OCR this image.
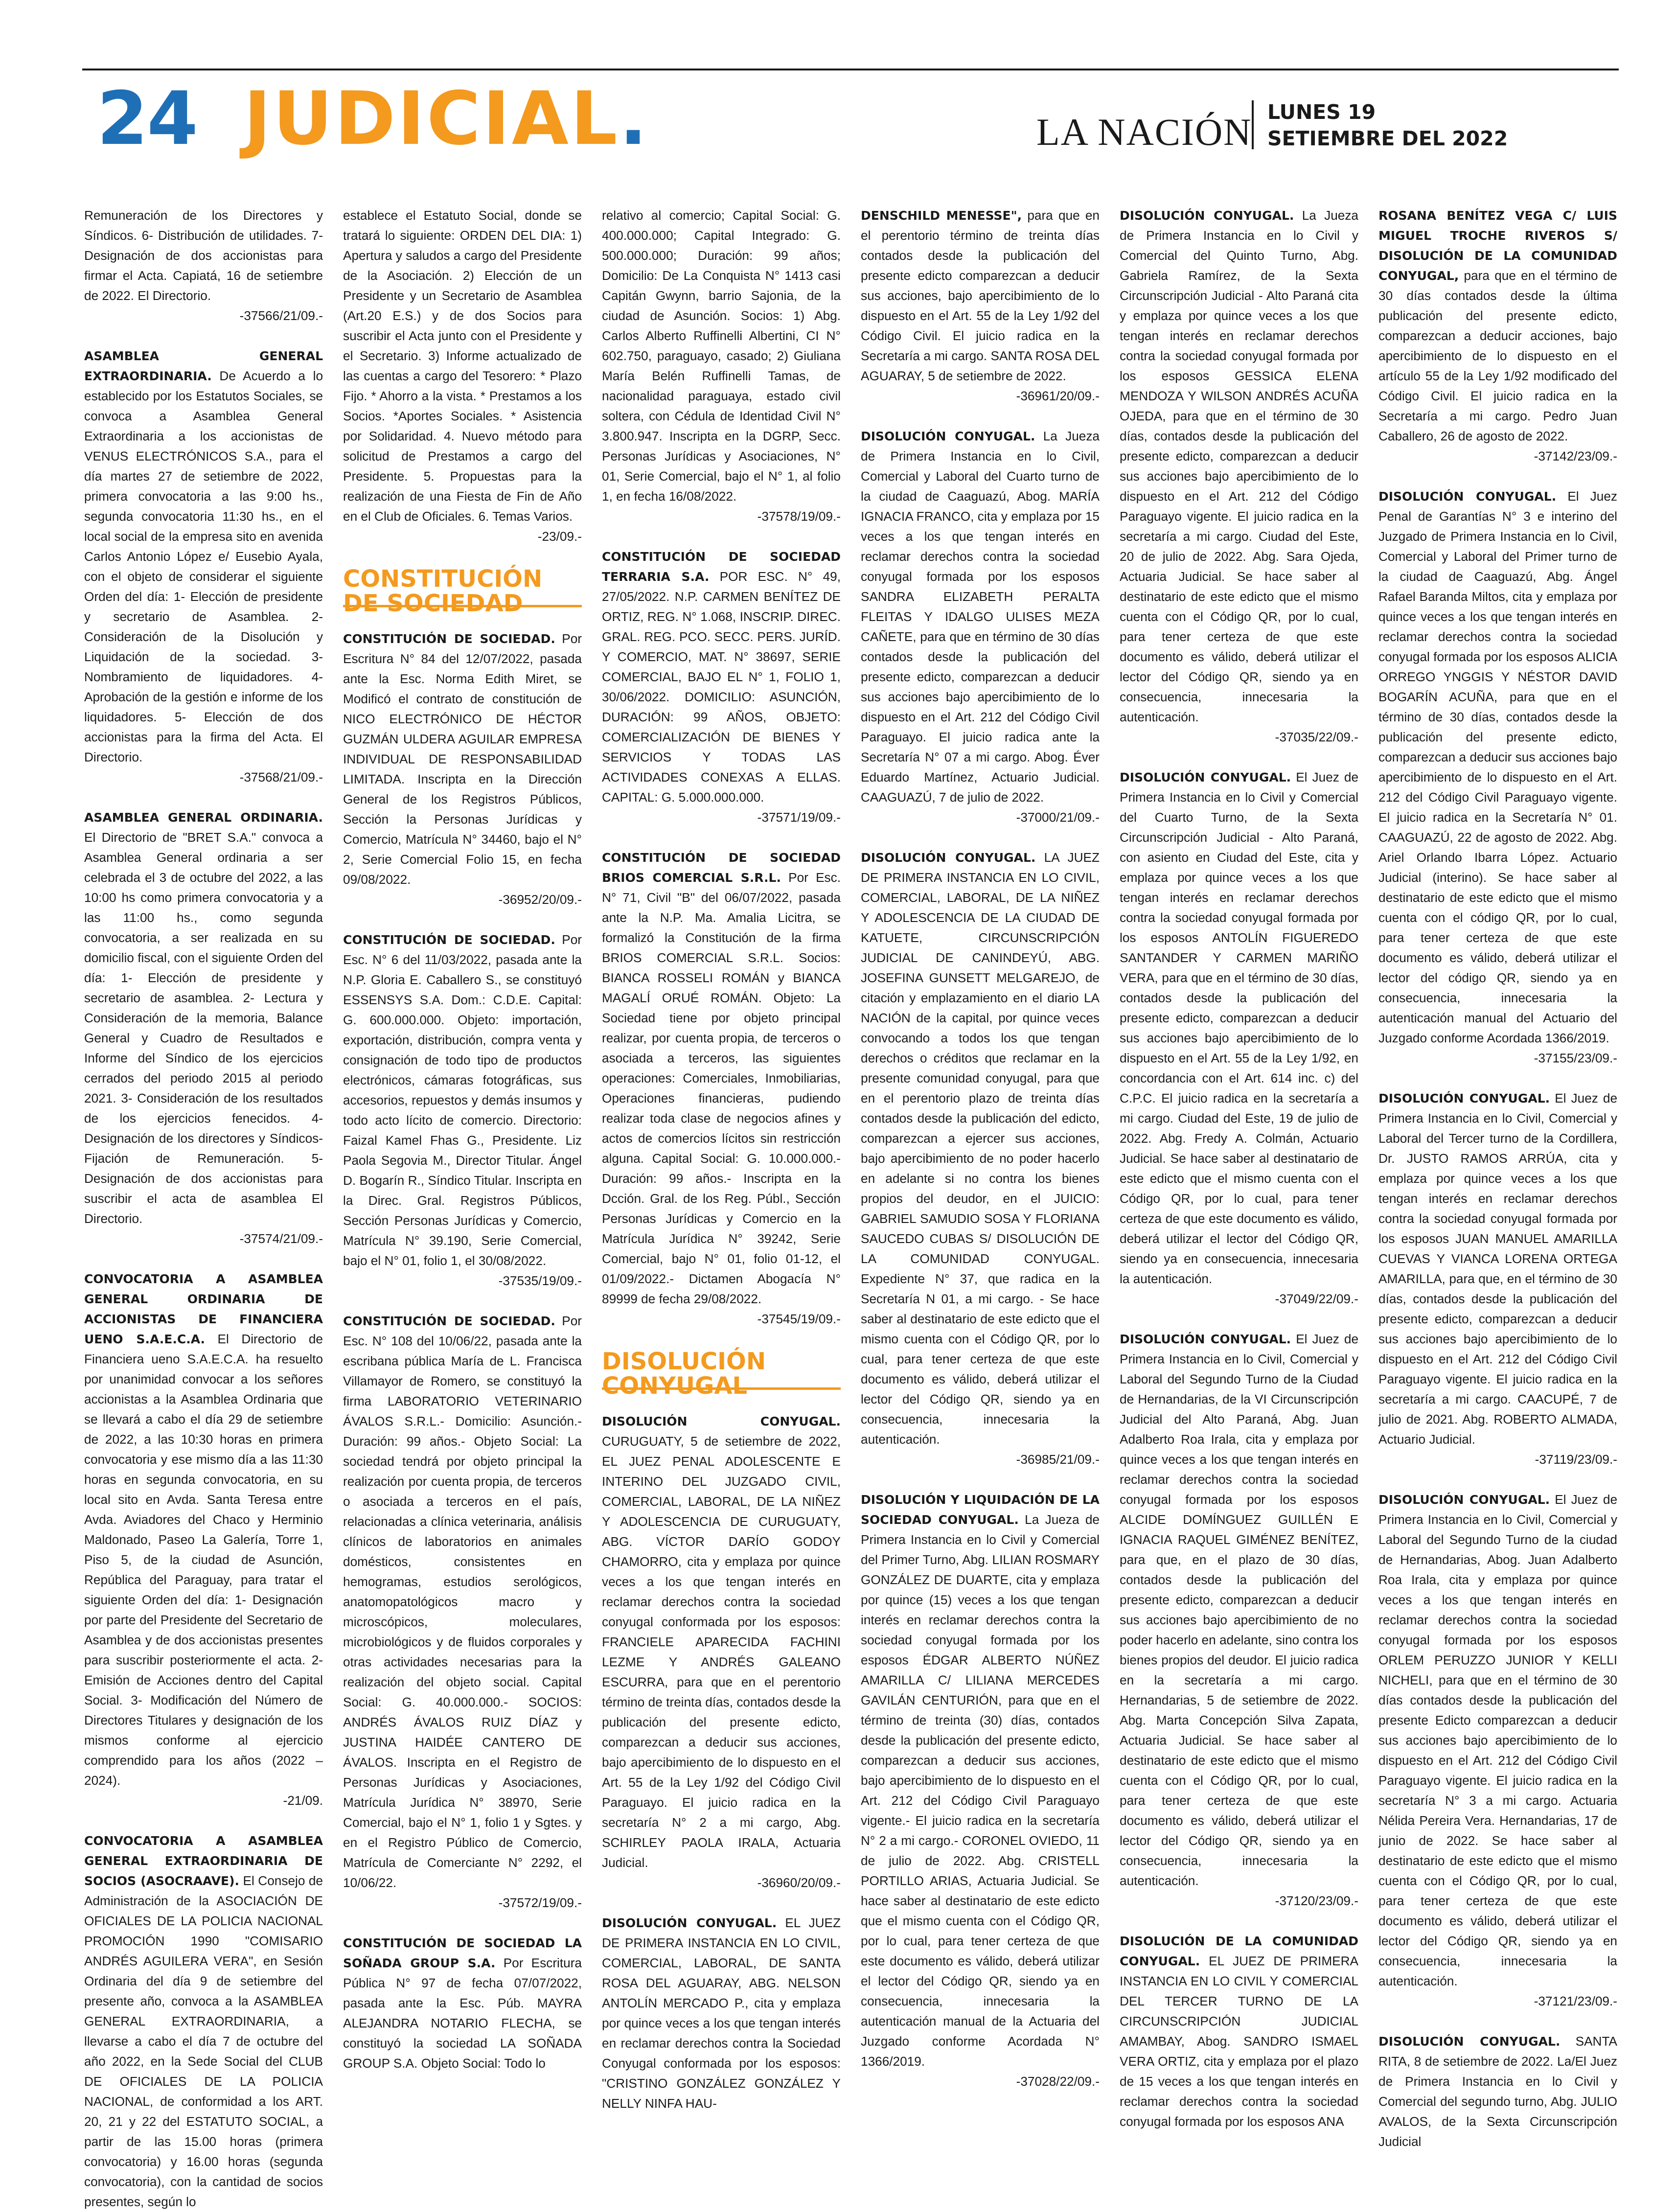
24 JUDICIAL.	LA NACIÓN LUNES 19
SETIEMBRE DEL 2022
Remuneración de los Directores y Síndicos. 6- Distribución de utilidades. 7- Designación de dos accionistas para firmar el Acta. Capiatá, 16 de setiembre de 2022. El Directorio.
-37566/21/09.-
ASAMBLEA GENERAL EXTRAORDINARIA. De Acuerdo a lo establecido por los Estatutos Sociales, se convoca a Asamblea General Extraordinaria a los accionistas de VENUS ELECTRÓNICOS S.A., para el día martes 27 de setiembre de 2022, primera convocatoria a las 9:00 hs., segunda convocatoria 11:30 hs., en el local social de la empresa sito en avenida Carlos Antonio López e/ Eusebio Ayala, con el objeto de considerar el siguiente Orden del día: 1- Elección de presidente y secretario de Asamblea. 2- Consideración de la Disolución y Liquidación de la sociedad. 3- Nombramiento de liquidadores. 4- Aprobación de la gestión e informe de los liquidadores. 5- Elección de dos accionistas para la firma del Acta. El Directorio.
-37568/21/09.-
ASAMBLEA GENERAL ORDINARIA. El Directorio de "BRET S.A." convoca a Asamblea General ordinaria a ser celebrada el 3 de octubre del 2022, a las 10:00 hs como primera convocatoria y a las 11:00 hs., como segunda convocatoria, a ser realizada en su domicilio fiscal, con el siguiente Orden del día: 1- Elección de presidente y secretario de asamblea. 2- Lectura y Consideración de la memoria, Balance General y Cuadro de Resultados e Informe del Síndico de los ejercicios cerrados del periodo 2015 al periodo 2021. 3- Consideración de los resultados de los ejercicios fenecidos. 4- Designación de los directores y Síndicos-Fijación de Remuneración. 5- Designación de dos accionistas para suscribir el acta de asamblea El Directorio.
-37574/21/09.-
CONVOCATORIA A ASAMBLEA GENERAL ORDINARIA DE ACCIONISTAS DE FINANCIERA UENO S.A.E.C.A. El Directorio de Financiera ueno S.A.E.C.A. ha resuelto por unanimidad convocar a los señores accionistas a la Asamblea Ordinaria que se llevará a cabo el día 29 de setiembre de 2022, a las 10:30 horas en primera convocatoria y ese mismo día a las 11:30 horas en segunda convocatoria, en su local sito en Avda. Santa Teresa entre Avda. Aviadores del Chaco y Herminio Maldonado, Paseo La Galería, Torre 1, Piso 5, de la ciudad de Asunción, República del Paraguay, para tratar el siguiente Orden del día: 1- Designación por parte del Presidente del Secretario de Asamblea y de dos accionistas presentes para suscribir posteriormente el acta. 2- Emisión de Acciones dentro del Capital Social. 3- Modificación del Número de Directores Titulares y designación de los mismos conforme al ejercicio comprendido para los años (2022 – 2024).
-21/09.
CONVOCATORIA A ASAMBLEA GENERAL EXTRAORDINARIA DE SOCIOS (ASOCRAAVE). El Consejo de Administración de la ASOCIACIÓN DE OFICIALES DE LA POLICIA NACIONAL PROMOCIÓN 1990 "COMISARIO ANDRÉS AGUILERA VERA", en Sesión Ordinaria del día 9 de setiembre del presente año, convoca a la ASAMBLEA GENERAL EXTRAORDINARIA, a llevarse a cabo el día 7 de octubre del año 2022, en la Sede Social del CLUB DE OFICIALES DE LA POLICIA NACIONAL, de conformidad a los ART. 20, 21 y 22 del ESTATUTO SOCIAL, a partir de las 15.00 horas (primera convocatoria) y 16.00 horas (segunda convocatoria), con la cantidad de socios presentes, según lo
establece el Estatuto Social, donde se tratará lo siguiente: ORDEN DEL DIA: 1) Apertura y saludos a cargo del Presidente de la Asociación. 2) Elección de un Presidente y un Secretario de Asamblea (Art.20 E.S.) y de dos Socios para suscribir el Acta junto con el Presidente y el Secretario. 3) Informe actualizado de las cuentas a cargo del Tesorero: * Plazo Fijo. * Ahorro a la vista. * Prestamos a los Socios. *Aportes Sociales. * Asistencia por Solidaridad. 4. Nuevo método para solicitud de Prestamos a cargo del Presidente. 5. Propuestas para la realización de una Fiesta de Fin de Año en el Club de Oficiales. 6. Temas Varios.
-23/09.-
CONSTITUCIÓN
DE SOCIEDAD
CONSTITUCIÓN DE SOCIEDAD. Por Escritura N° 84 del 12/07/2022, pasada ante la Esc. Norma Edith Miret, se Modificó el contrato de constitución de NICO ELECTRÓNICO DE HÉCTOR GUZMÁN ULDERA AGUILAR EMPRESA INDIVIDUAL DE RESPONSABILIDAD LIMITADA. Inscripta en la Dirección General de los Registros Públicos, Sección la Personas Jurídicas y Comercio, Matrícula N° 34460, bajo el N° 2, Serie Comercial Folio 15, en fecha 09/08/2022.
-36952/20/09.-
CONSTITUCIÓN DE SOCIEDAD. Por Esc. N° 6 del 11/03/2022, pasada ante la N.P. Gloria E. Caballero S., se constituyó ESSENSYS S.A. Dom.: C.D.E. Capital: G. 600.000.000. Objeto: importación, exportación, distribución, compra venta y consignación de todo tipo de productos electrónicos, cámaras fotográficas, sus accesorios, repuestos y demás insumos y todo acto lícito de comercio. Directorio: Faizal Kamel Fhas G., Presidente. Liz Paola Segovia M., Director Titular. Ángel D. Bogarín R., Síndico Titular. Inscripta en la Direc. Gral. Registros Públicos, Sección Personas Jurídicas y Comercio, Matrícula N° 39.190, Serie Comercial, bajo el N° 01, folio 1, el 30/08/2022.
-37535/19/09.-
CONSTITUCIÓN DE SOCIEDAD. Por Esc. N° 108 del 10/06/22, pasada ante la escribana pública María de L. Francisca Villamayor de Romero, se constituyó la firma LABORATORIO VETERINARIO ÁVALOS S.R.L.- Domicilio: Asunción.- Duración: 99 años.- Objeto Social: La sociedad tendrá por objeto principal la realización por cuenta propia, de terceros o asociada a terceros en el país, relacionadas a clínica veterinaria, análisis clínicos de laboratorios en animales domésticos, consistentes en hemogramas, estudios serológicos, anatomopatológicos macro y microscópicos, moleculares, microbiológicos y de fluidos corporales y otras actividades necesarias para la realización del objeto social. Capital Social: G. 40.000.000.- SOCIOS: ANDRÉS ÁVALOS RUIZ DÍAZ y JUSTINA HAIDÉE CANTERO DE ÁVALOS. Inscripta en el Registro de Personas Jurídicas y Asociaciones, Matrícula Jurídica N° 38970, Serie Comercial, bajo el N° 1, folio 1 y Sgtes. y en el Registro Público de Comercio, Matrícula de Comerciante N° 2292, el 10/06/22.
-37572/19/09.-
CONSTITUCIÓN DE SOCIEDAD LA SOÑADA GROUP S.A. Por Escritura Pública N° 97 de fecha 07/07/2022, pasada ante la Esc. Púb. MAYRA ALEJANDRA NOTARIO FLECHA, se constituyó la sociedad LA SOÑADA GROUP S.A. Objeto Social: Todo lo
relativo al comercio; Capital Social: G. 400.000.000; Capital Integrado: G. 500.000.000; Duración: 99 años; Domicilio: De La Conquista N° 1413 casi Capitán Gwynn, barrio Sajonia, de la ciudad de Asunción. Socios: 1) Abg. Carlos Alberto Ruffinelli Albertini, CI N° 602.750, paraguayo, casado; 2) Giuliana María Belén Ruffinelli Tamas, de nacionalidad paraguaya, estado civil soltera, con Cédula de Identidad Civil N° 3.800.947. Inscripta en la DGRP, Secc. Personas Jurídicas y Asociaciones, N° 01, Serie Comercial, bajo el N° 1, al folio 1, en fecha 16/08/2022.
-37578/19/09.-
CONSTITUCIÓN DE SOCIEDAD TERRARIA S.A. POR ESC. N° 49, 27/05/2022. N.P. CARMEN BENÍTEZ DE ORTIZ, REG. N° 1.068, INSCRIP. DIREC. GRAL. REG. PCO. SECC. PERS. JURÍD. Y COMERCIO, MAT. N° 38697, SERIE COMERCIAL, BAJO EL N° 1, FOLIO 1, 30/06/2022. DOMICILIO: ASUNCIÓN, DURACIÓN: 99 AÑOS, OBJETO: COMERCIALIZACIÓN DE BIENES Y SERVICIOS Y TODAS LAS ACTIVIDADES CONEXAS A ELLAS. CAPITAL: G. 5.000.000.000.
-37571/19/09.-
CONSTITUCIÓN DE SOCIEDAD BRIOS COMERCIAL S.R.L. Por Esc. N° 71, Civil "B" del 06/07/2022, pasada ante la N.P. Ma. Amalia Licitra, se formalizó la Constitución de la firma BRIOS COMERCIAL S.R.L. Socios: BIANCA ROSSELI ROMÁN y BIANCA MAGALÍ ORUÉ ROMÁN. Objeto: La Sociedad tiene por objeto principal realizar, por cuenta propia, de terceros o asociada a terceros, las siguientes operaciones: Comerciales, Inmobiliarias, Operaciones financieras, pudiendo realizar toda clase de negocios afines y actos de comercios lícitos sin restricción alguna. Capital Social: G. 10.000.000.- Duración: 99 años.- Inscripta en la Dcción. Gral. de los Reg. Públ., Sección Personas Jurídicas y Comercio en la Matrícula Jurídica N° 39242, Serie Comercial, bajo N° 01, folio 01-12, el 01/09/2022.- Dictamen Abogacía N° 89999 de fecha 29/08/2022.
-37545/19/09.-
DISOLUCIÓN
CONYUGAL
DISOLUCIÓN CONYUGAL. CURUGUATY, 5 de setiembre de 2022, EL JUEZ PENAL ADOLESCENTE E INTERINO DEL JUZGADO CIVIL, COMERCIAL, LABORAL, DE LA NIÑEZ Y ADOLESCENCIA DE CURUGUATY, ABG. VÍCTOR DARÍO GODOY CHAMORRO, cita y emplaza por quince veces a los que tengan interés en reclamar derechos contra la sociedad conyugal conformada por los esposos: FRANCIELE APARECIDA FACHINI LEZME Y ANDRÉS GALEANO ESCURRA, para que en el perentorio término de treinta días, contados desde la publicación del presente edicto, comparezcan a deducir sus acciones, bajo apercibimiento de lo dispuesto en el Art. 55 de la Ley 1/92 del Código Civil Paraguayo. El juicio radica en la secretaría N° 2 a mi cargo, Abg. SCHIRLEY PAOLA IRALA, Actuaria Judicial.
-36960/20/09.-
DISOLUCIÓN CONYUGAL. EL JUEZ DE PRIMERA INSTANCIA EN LO CIVIL, COMERCIAL, LABORAL, DE SANTA ROSA DEL AGUARAY, ABG. NELSON ANTOLÍN MERCADO P., cita y emplaza por quince veces a los que tengan interés en reclamar derechos contra la Sociedad Conyugal conformada por los esposos: "CRISTINO GONZÁLEZ GONZÁLEZ Y NELLY NINFA HAU-
DENSCHILD MENESSE", para que en el perentorio término de treinta días contados desde la publicación del presente edicto comparezcan a deducir sus acciones, bajo apercibimiento de lo dispuesto en el Art. 55 de la Ley 1/92 del Código Civil. El juicio radica en la Secretaría a mi cargo. SANTA ROSA DEL AGUARAY, 5 de setiembre de 2022.
-36961/20/09.-
DISOLUCIÓN CONYUGAL. La Jueza de Primera Instancia en lo Civil, Comercial y Laboral del Cuarto turno de la ciudad de Caaguazú, Abog. MARÍA IGNACIA FRANCO, cita y emplaza por 15 veces a los que tengan interés en reclamar derechos contra la sociedad conyugal formada por los esposos SANDRA ELIZABETH PERALTA FLEITAS Y IDALGO ULISES MEZA CAÑETE, para que en término de 30 días contados desde la publicación del presente edicto, comparezcan a deducir sus acciones bajo apercibimiento de lo dispuesto en el Art. 212 del Código Civil Paraguayo. El juicio radica ante la Secretaría N° 07 a mi cargo. Abog. Éver Eduardo Martínez, Actuario Judicial. CAAGUAZÚ, 7 de julio de 2022.
-37000/21/09.-
DISOLUCIÓN CONYUGAL. LA JUEZ DE PRIMERA INSTANCIA EN LO CIVIL, COMERCIAL, LABORAL, DE LA NIÑEZ Y ADOLESCENCIA DE LA CIUDAD DE KATUETE, CIRCUNSCRIPCIÓN JUDICIAL DE CANINDEYÚ, ABG. JOSEFINA GUNSETT MELGAREJO, de citación y emplazamiento en el diario LA NACIÓN de la capital, por quince veces convocando a todos los que tengan derechos o créditos que reclamar en la presente comunidad conyugal, para que en el perentorio plazo de treinta días contados desde la publicación del edicto, comparezcan a ejercer sus acciones, bajo apercibimiento de no poder hacerlo en adelante si no contra los bienes propios del deudor, en el JUICIO: GABRIEL SAMUDIO SOSA Y FLORIANA SAUCEDO CUBAS S/ DISOLUCIÓN DE LA COMUNIDAD CONYUGAL. Expediente N° 37, que radica en la Secretaría N 01, a mi cargo. - Se hace saber al destinatario de este edicto que el mismo cuenta con el Código QR, por lo cual, para tener certeza de que este documento es válido, deberá utilizar el lector del Código QR, siendo ya en consecuencia, innecesaria la autenticación.
-36985/21/09.-
DISOLUCIÓN Y LIQUIDACIÓN DE LA SOCIEDAD CONYUGAL. La Jueza de Primera Instancia en lo Civil y Comercial del Primer Turno, Abg. LILIAN ROSMARY GONZÁLEZ DE DUARTE, cita y emplaza por quince (15) veces a los que tengan interés en reclamar derechos contra la sociedad conyugal formada por los esposos ÉDGAR ALBERTO NÚÑEZ AMARILLA C/ LILIANA MERCEDES GAVILÁN CENTURIÓN, para que en el término de treinta (30) días, contados desde la publicación del presente edicto, comparezcan a deducir sus acciones, bajo apercibimiento de lo dispuesto en el Art. 212 del Código Civil Paraguayo vigente.- El juicio radica en la secretaría N° 2 a mi cargo.- CORONEL OVIEDO, 11 de julio de 2022. Abg. CRISTELL PORTILLO ARIAS, Actuaria Judicial. Se hace saber al destinatario de este edicto que el mismo cuenta con el Código QR, por lo cual, para tener certeza de que este documento es válido, deberá utilizar el lector del Código QR, siendo ya en consecuencia, innecesaria la autenticación manual de la Actuaria del Juzgado conforme Acordada N° 1366/2019.
-37028/22/09.-
DISOLUCIÓN CONYUGAL. La Jueza de Primera Instancia en lo Civil y Comercial del Quinto Turno, Abg. Gabriela Ramírez, de la Sexta Circunscripción Judicial - Alto Paraná cita y emplaza por quince veces a los que tengan interés en reclamar derechos contra la sociedad conyugal formada por los esposos GESSICA ELENA MENDOZA Y WILSON ANDRÉS ACUÑA OJEDA, para que en el término de 30 días, contados desde la publicación del presente edicto, comparezcan a deducir sus acciones bajo apercibimiento de lo dispuesto en el Art. 212 del Código Paraguayo vigente. El juicio radica en la secretaría a mi cargo. Ciudad del Este, 20 de julio de 2022. Abg. Sara Ojeda, Actuaria Judicial. Se hace saber al destinatario de este edicto que el mismo cuenta con el Código QR, por lo cual, para tener certeza de que este documento es válido, deberá utilizar el lector del Código QR, siendo ya en consecuencia, innecesaria la autenticación.
-37035/22/09.-
DISOLUCIÓN CONYUGAL. El Juez de Primera Instancia en lo Civil y Comercial del Cuarto Turno, de la Sexta Circunscripción Judicial - Alto Paraná, con asiento en Ciudad del Este, cita y emplaza por quince veces a los que tengan interés en reclamar derechos contra la sociedad conyugal formada por los esposos ANTOLÍN FIGUEREDO SANTANDER Y CARMEN MARIÑO VERA, para que en el término de 30 días, contados desde la publicación del presente edicto, comparezcan a deducir sus acciones bajo apercibimiento de lo dispuesto en el Art. 55 de la Ley 1/92, en concordancia con el Art. 614 inc. c) del C.P.C. El juicio radica en la secretaría a mi cargo. Ciudad del Este, 19 de julio de 2022. Abg. Fredy A. Colmán, Actuario Judicial. Se hace saber al destinatario de este edicto que el mismo cuenta con el Código QR, por lo cual, para tener certeza de que este documento es válido, deberá utilizar el lector del Código QR, siendo ya en consecuencia, innecesaria la autenticación.
-37049/22/09.-
DISOLUCIÓN CONYUGAL. El Juez de Primera Instancia en lo Civil, Comercial y Laboral del Segundo Turno de la Ciudad de Hernandarias, de la VI Circunscripción Judicial del Alto Paraná, Abg. Juan Adalberto Roa Irala, cita y emplaza por quince veces a los que tengan interés en reclamar derechos contra la sociedad conyugal formada por los esposos ALCIDE DOMÍNGUEZ GUILLÉN E IGNACIA RAQUEL GIMÉNEZ BENÍTEZ, para que, en el plazo de 30 días, contados desde la publicación del presente edicto, comparezcan a deducir sus acciones bajo apercibimiento de no poder hacerlo en adelante, sino contra los bienes propios del deudor. El juicio radica en la secretaría a mi cargo. Hernandarias, 5 de setiembre de 2022. Abg. Marta Concepción Silva Zapata, Actuaria Judicial. Se hace saber al destinatario de este edicto que el mismo cuenta con el Código QR, por lo cual, para tener certeza de que este documento es válido, deberá utilizar el lector del Código QR, siendo ya en consecuencia, innecesaria la autenticación.
-37120/23/09.-
DISOLUCIÓN DE LA COMUNIDAD CONYUGAL. EL JUEZ DE PRIMERA INSTANCIA EN LO CIVIL Y COMERCIAL DEL TERCER TURNO DE LA CIRCUNSCRIPCIÓN JUDICIAL AMAMBAY, Abog. SANDRO ISMAEL VERA ORTIZ, cita y emplaza por el plazo de 15 veces a los que tengan interés en reclamar derechos contra la sociedad conyugal formada por los esposos ANA
ROSANA BENÍTEZ VEGA C/ LUIS MIGUEL TROCHE RIVEROS S/ DISOLUCIÓN DE LA COMUNIDAD CONYUGAL, para que en el término de 30 días contados desde la última publicación del presente edicto, comparezcan a deducir acciones, bajo apercibimiento de lo dispuesto en el artículo 55 de la Ley 1/92 modificado del Código Civil. El juicio radica en la Secretaría a mi cargo. Pedro Juan Caballero, 26 de agosto de 2022.
-37142/23/09.-
DISOLUCIÓN CONYUGAL. El Juez Penal de Garantías N° 3 e interino del Juzgado de Primera Instancia en lo Civil, Comercial y Laboral del Primer turno de la ciudad de Caaguazú, Abg. Ángel Rafael Baranda Miltos, cita y emplaza por quince veces a los que tengan interés en reclamar derechos contra la sociedad conyugal formada por los esposos ALICIA ORREGO YNGGIS Y NÉSTOR DAVID BOGARÍN ACUÑA, para que en el término de 30 días, contados desde la publicación del presente edicto, comparezcan a deducir sus acciones bajo apercibimiento de lo dispuesto en el Art. 212 del Código Civil Paraguayo vigente. El juicio radica en la Secretaría N° 01. CAAGUAZÚ, 22 de agosto de 2022. Abg. Ariel Orlando Ibarra López. Actuario Judicial (interino). Se hace saber al destinatario de este edicto que el mismo cuenta con el código QR, por lo cual, para tener certeza de que este documento es válido, deberá utilizar el lector del código QR, siendo ya en consecuencia, innecesaria la autenticación manual del Actuario del Juzgado conforme Acordada 1366/2019.
-37155/23/09.-
DISOLUCIÓN CONYUGAL. El Juez de Primera Instancia en lo Civil, Comercial y Laboral del Tercer turno de la Cordillera, Dr. JUSTO RAMOS ARRÚA, cita y emplaza por quince veces a los que tengan interés en reclamar derechos contra la sociedad conyugal formada por los esposos JUAN MANUEL AMARILLA CUEVAS Y VIANCA LORENA ORTEGA AMARILLA, para que, en el término de 30 días, contados desde la publicación del presente edicto, comparezcan a deducir sus acciones bajo apercibimiento de lo dispuesto en el Art. 212 del Código Civil Paraguayo vigente. El juicio radica en la secretaría a mi cargo. CAACUPÉ, 7 de julio de 2021. Abg. ROBERTO ALMADA, Actuario Judicial.
-37119/23/09.-
DISOLUCIÓN CONYUGAL. El Juez de Primera Instancia en lo Civil, Comercial y Laboral del Segundo Turno de la ciudad de Hernandarias, Abog. Juan Adalberto Roa Irala, cita y emplaza por quince veces a los que tengan interés en reclamar derechos contra la sociedad conyugal formada por los esposos ORLEM PERUZZO JUNIOR Y KELLI NICHELI, para que en el término de 30 días contados desde la publicación del presente Edicto comparezcan a deducir sus acciones bajo apercibimiento de lo dispuesto en el Art. 212 del Código Civil Paraguayo vigente. El juicio radica en la secretaría N° 3 a mi cargo. Actuaria Nélida Pereira Vera. Hernandarias, 17 de junio de 2022. Se hace saber al destinatario de este edicto que el mismo cuenta con el Código QR, por lo cual, para tener certeza de que este documento es válido, deberá utilizar el lector del Código QR, siendo ya en consecuencia, innecesaria la autenticación.
-37121/23/09.-
DISOLUCIÓN CONYUGAL. SANTA RITA, 8 de setiembre de 2022. La/El Juez de Primera Instancia en lo Civil y Comercial del segundo turno, Abg. JULIO AVALOS, de la Sexta Circunscripción Judicial
